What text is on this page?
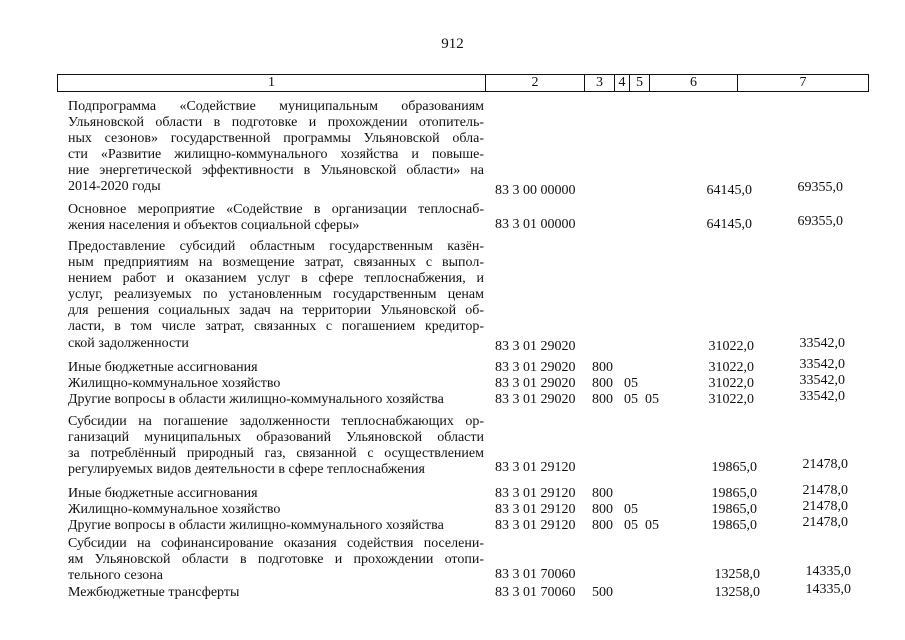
912
1	2	3	4 5	6	7
Подпрограмма «Содействие муниципальным образованиям
Ульяновской области в подготовке и прохождении отопитель-
ных сезонов» государственной программы Ульяновской обла-
сти «Развитие жилищно-коммунального хозяйства и повыше-
ние энергетической эффективности в Ульяновской области» на
2014-2020 годы	83 3 00 00000	64145,0	69355,0
Основное мероприятие «Содействие в организации теплоснаб-
жения населения и объектов социальной сферы»	83 3 01 00000	64145,0	69355,0
Предоставление субсидий областным государственным казён-
ным предприятиям на возмещение затрат, связанных с выпол-
нением работ и оказанием услуг в сфере теплоснабжения, и
услуг, реализуемых по установленным государственным ценам
для решения социальных задач на территории Ульяновской об-
ласти, в том числе затрат, связанных с погашением кредитор-
ской задолженности	83 3 01 29020	31022,0	33542,0
Иные бюджетные ассигнования	83 3 01 29020 800	31022,0	33542,0
Жилищно-коммунальное хозяйство	83 3 01 29020 800 05	31022,0	33542,0
Другие вопросы в области жилищно-коммунального хозяйства	83 3 01 29020 800 05 05	31022,0	33542,0
Субсидии на погашение задолженности теплоснабжающих ор-
ганизаций муниципальных образований Ульяновской области
за потреблённый природный газ, связанной с осуществлением
регулируемых видов деятельности в сфере теплоснабжения	83 3 01 29120	19865,0	21478,0
Иные бюджетные ассигнования	83 3 01 29120 800	19865,0	21478,0
Жилищно-коммунальное хозяйство	83 3 01 29120 800 05	19865,0	21478,0
Другие вопросы в области жилищно-коммунального хозяйства	83 3 01 29120 800 05 05	19865,0	21478,0
Субсидии на софинансирование оказания содействия поселени-
ям Ульяновской области в подготовке и прохождении отопи-
тельного сезона	83 3 01 70060	13258,0	14335,0
Межбюджетные трансферты	83 3 01 70060 500	13258,0	14335,0
